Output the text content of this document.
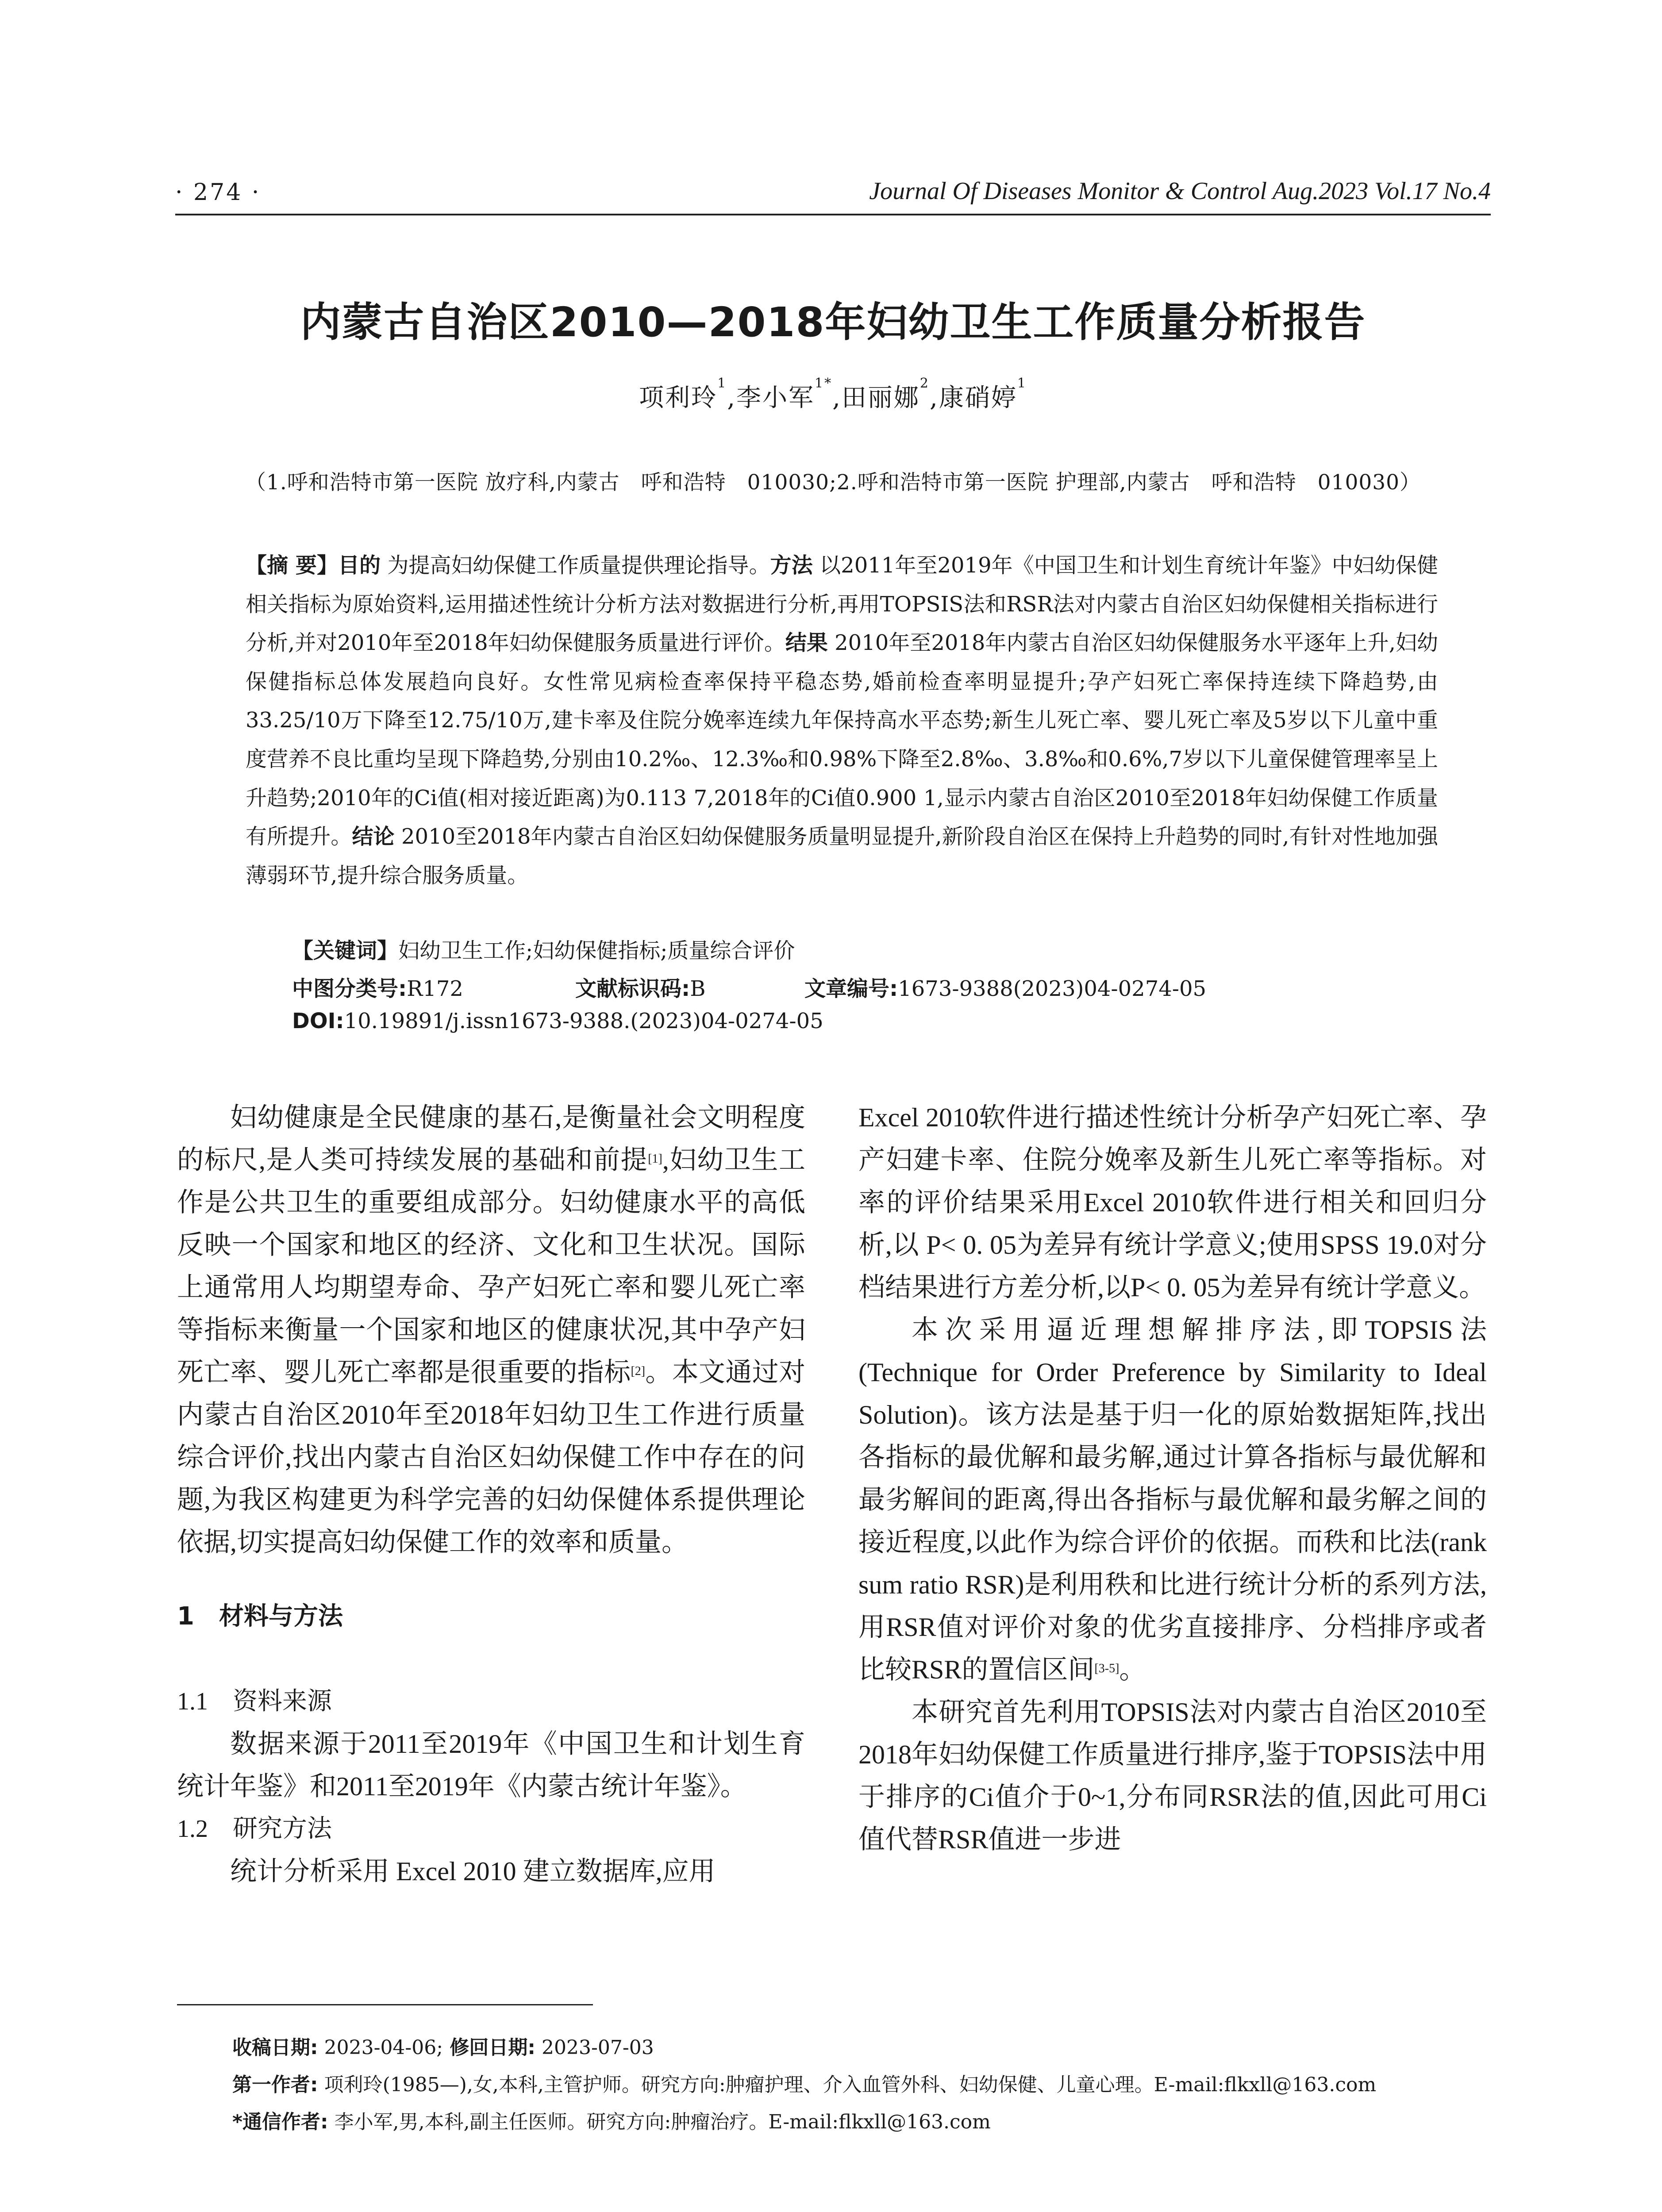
· 274 ·	Journal Of Diseases Monitor & Control Aug.2023 Vol.17 No.4
内蒙古自治区2010—2018年妇幼卫生工作质量分析报告
项利玲$^1$,李小军$^{1*}$,田丽娜$^2$,康硝婷$^1$
（1.呼和浩特市第一医院 放疗科,内蒙古　呼和浩特　010030;2.呼和浩特市第一医院 护理部,内蒙古　呼和浩特　010030）
【摘 要】目的 为提高妇幼保健工作质量提供理论指导。方法 以2011年至2019年《中国卫生和计划生育统计年鉴》中妇幼保健相关指标为原始资料,运用描述性统计分析方法对数据进行分析,再用TOPSIS法和RSR法对内蒙古自治区妇幼保健相关指标进行分析,并对2010年至2018年妇幼保健服务质量进行评价。结果 2010年至2018年内蒙古自治区妇幼保健服务水平逐年上升,妇幼保健指标总体发展趋向良好。女性常见病检查率保持平稳态势,婚前检查率明显提升;孕产妇死亡率保持连续下降趋势,由33.25/10万下降至12.75/10万,建卡率及住院分娩率连续九年保持高水平态势;新生儿死亡率、婴儿死亡率及5岁以下儿童中重度营养不良比重均呈现下降趋势,分别由10.2‰、12.3‰和0.98%下降至2.8‰、3.8‰和0.6%,7岁以下儿童保健管理率呈上升趋势;2010年的Ci值(相对接近距离)为0.113 7,2018年的Ci值0.900 1,显示内蒙古自治区2010至2018年妇幼保健工作质量有所提升。结论 2010至2018年内蒙古自治区妇幼保健服务质量明显提升,新阶段自治区在保持上升趋势的同时,有针对性地加强薄弱环节,提升综合服务质量。
【关键词】妇幼卫生工作;妇幼保健指标;质量综合评价
中图分类号:R172	文献标识码:B	文章编号:1673-9388(2023)04-0274-05
DOI:10.19891/j.issn1673-9388.(2023)04-0274-05

妇幼健康是全民健康的基石,是衡量社会文明程度的标尺,是人类可持续发展的基础和前提[1],妇幼卫生工作是公共卫生的重要组成部分。妇幼健康水平的高低反映一个国家和地区的经济、文化和卫生状况。国际上通常用人均期望寿命、孕产妇死亡率和婴儿死亡率等指标来衡量一个国家和地区的健康状况,其中孕产妇死亡率、婴儿死亡率都是很重要的指标[2]。本文通过对内蒙古自治区2010年至2018年妇幼卫生工作进行质量综合评价,找出内蒙古自治区妇幼保健工作中存在的问题,为我区构建更为科学完善的妇幼保健体系提供理论依据,切实提高妇幼保健工作的效率和质量。

1　材料与方法

1.1　资料来源

数据来源于2011至2019年《中国卫生和计划生育统计年鉴》和2011至2019年《内蒙古统计年鉴》。

1.2　研究方法

统计分析采用 Excel 2010 建立数据库,应用

Excel 2010软件进行描述性统计分析孕产妇死亡率、孕产妇建卡率、住院分娩率及新生儿死亡率等指标。对率的评价结果采用Excel 2010软件进行相关和回归分析,以 P< 0. 05为差异有统计学意义;使用SPSS 19.0对分档结果进行方差分析,以P< 0. 05为差异有统计学意义。

本次采用逼近理想解排序法,即TOPSIS法(Technique for Order Preference by Similarity to Ideal Solution)。该方法是基于归一化的原始数据矩阵,找出各指标的最优解和最劣解,通过计算各指标与最优解和最劣解间的距离,得出各指标与最优解和最劣解之间的接近程度,以此作为综合评价的依据。而秩和比法(rank sum ratio RSR)是利用秩和比进行统计分析的系列方法,用RSR值对评价对象的优劣直接排序、分档排序或者比较RSR的置信区间[3-5]。

本研究首先利用TOPSIS法对内蒙古自治区2010至2018年妇幼保健工作质量进行排序,鉴于TOPSIS法中用于排序的Ci值介于0~1,分布同RSR法的值,因此可用Ci值代替RSR值进一步进

收稿日期: 2023-04-06; 修回日期: 2023-07-03
第一作者: 项利玲(1985—),女,本科,主管护师。研究方向:肿瘤护理、介入血管外科、妇幼保健、儿童心理。E-mail:flkxll@163.com
*通信作者: 李小军,男,本科,副主任医师。研究方向:肿瘤治疗。E-mail:flkxll@163.com
